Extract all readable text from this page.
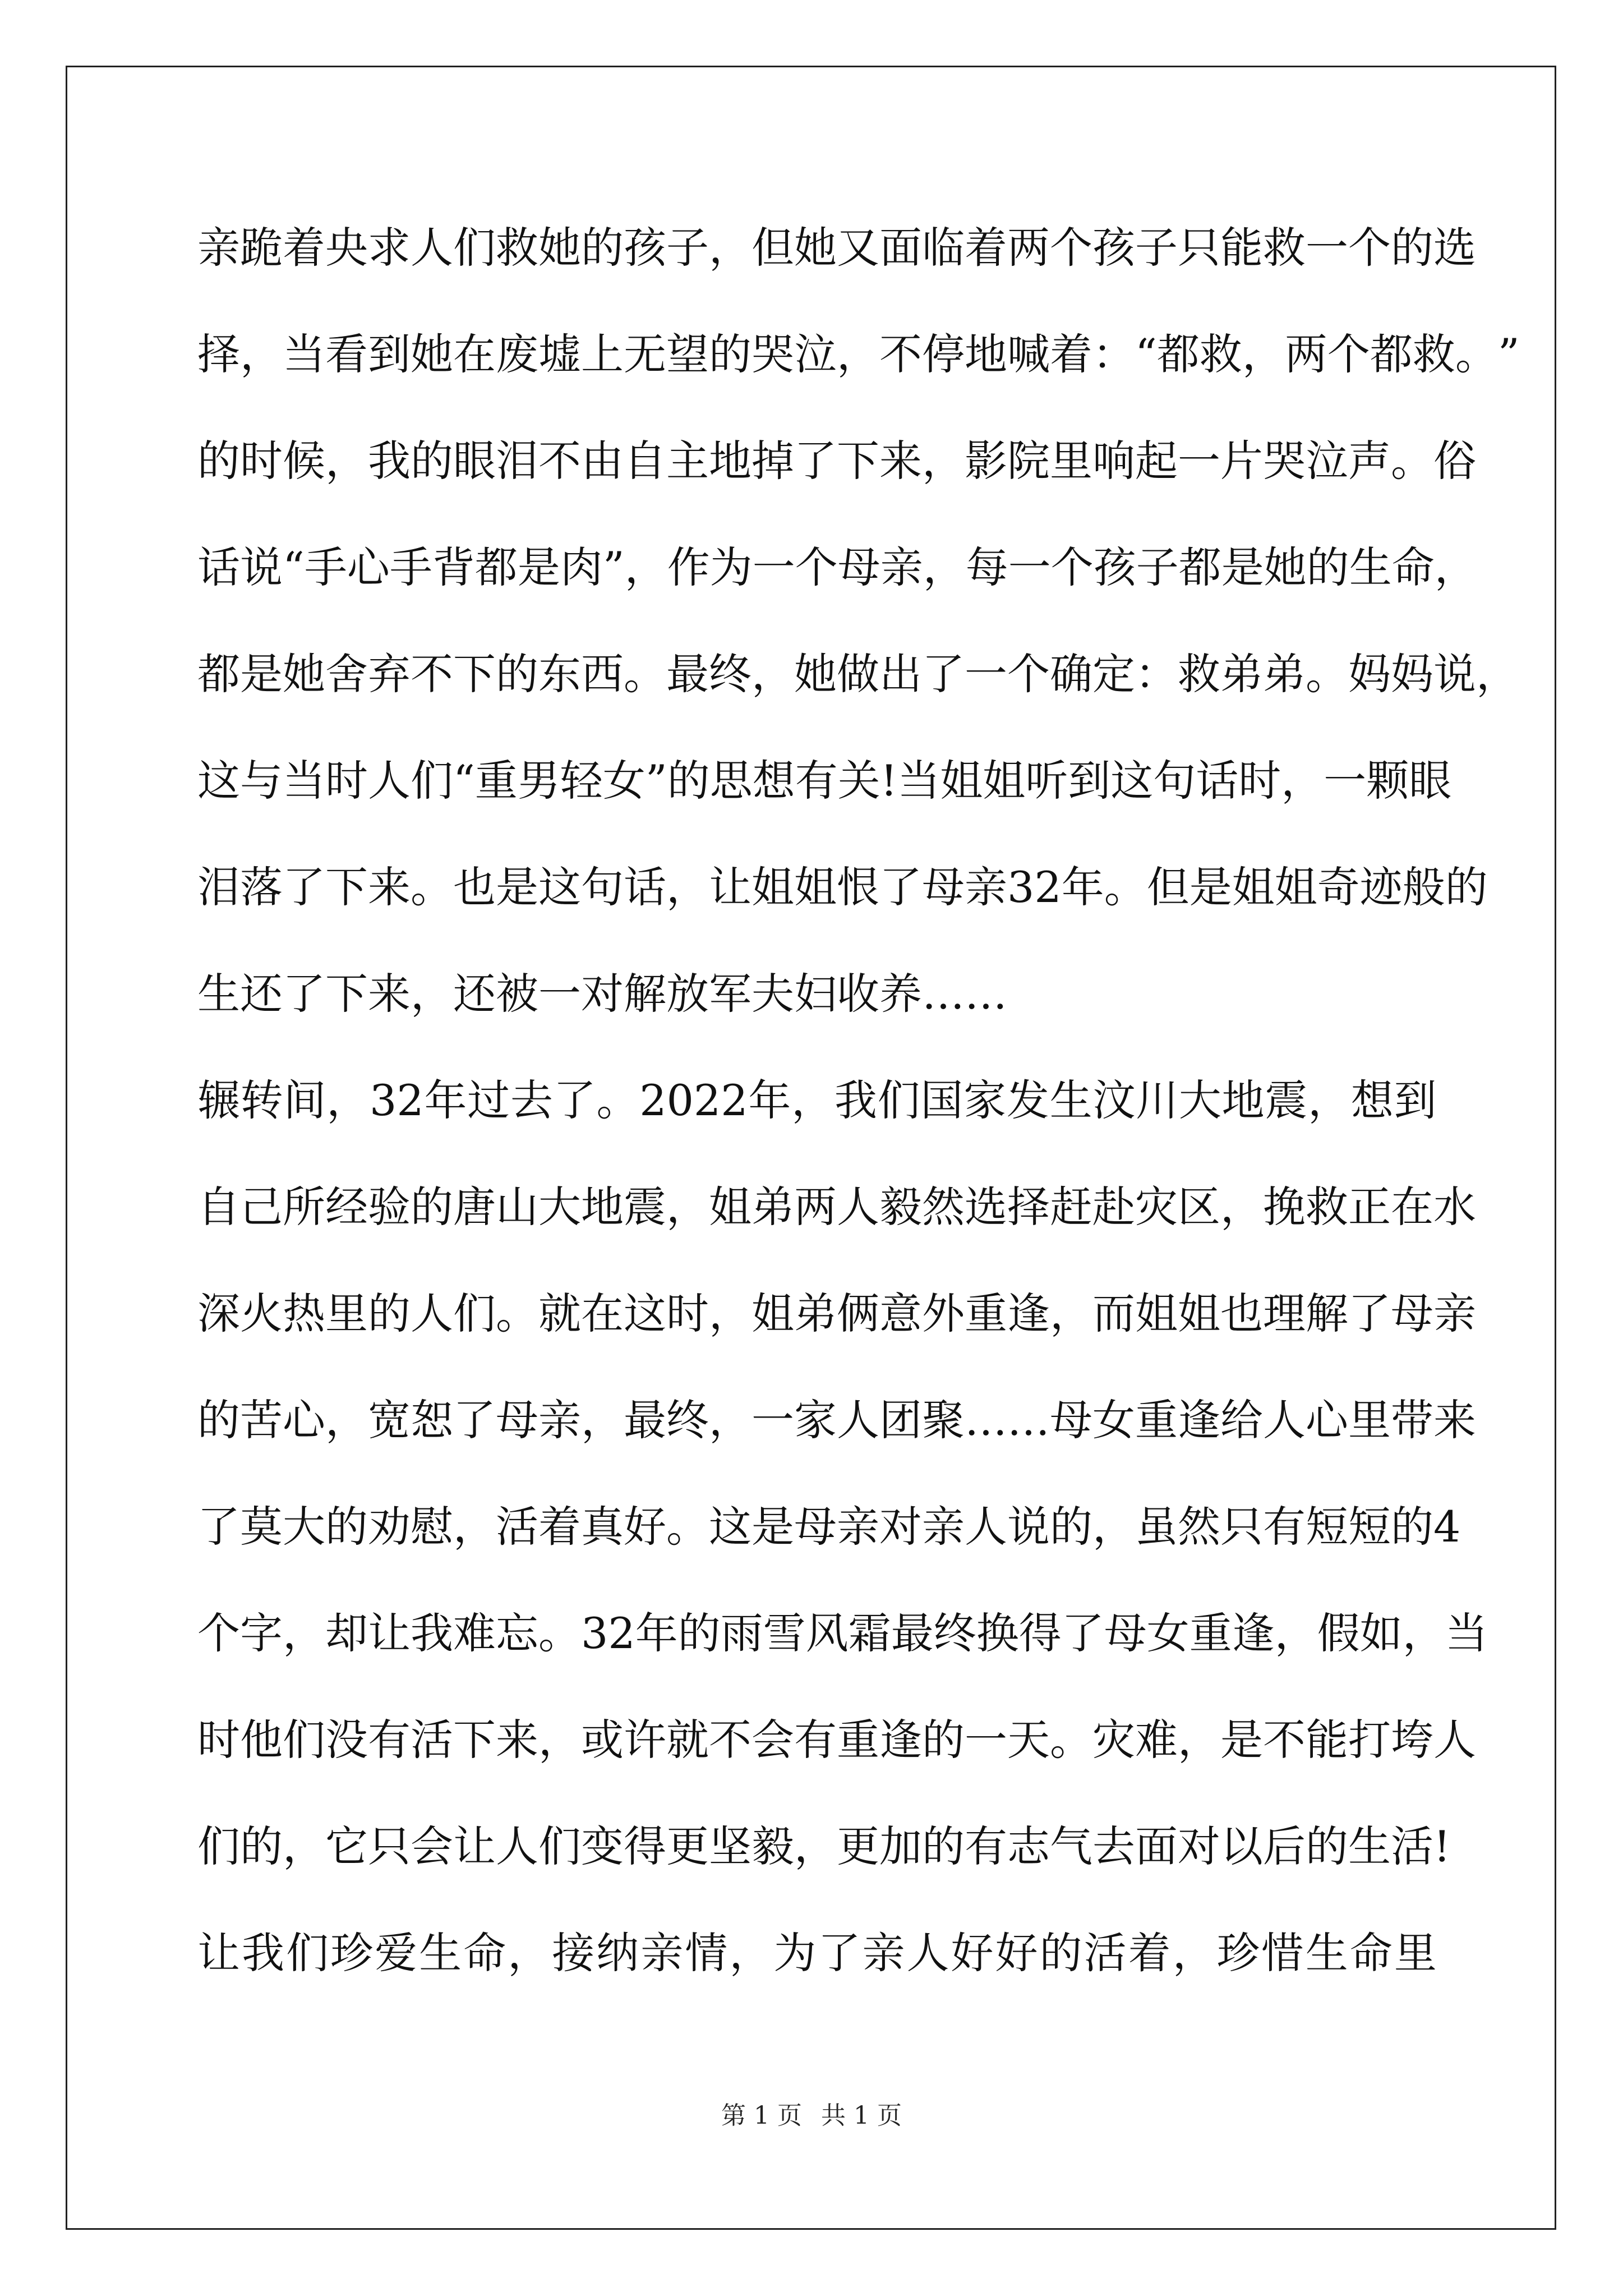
亲 跪 着 央 求 人 们 救 她 的 孩 子 ， 但 她 又 面 临 着 两 个 孩 子 只 能 救 一 个 的 选
择 ， 当 看 到 她 在 废 墟 上 无 望 的 哭 泣 ， 不 停 地 喊 着 ： “ 都 救 ， 两 个 都 救 。 ”
的 时 候 ， 我 的 眼 泪 不 由 自 主 地 掉 了 下 来 ， 影 院 里 响 起 一 片 哭 泣 声 。 俗
话 说 “ 手 心 手 背 都 是 肉 ” ， 作 为 一 个 母 亲 ， 每 一 个 孩 子 都 是 她 的 生 命 ，
都 是 她 舍 弃 不 下 的 东 西 。 最 终 ， 她 做 出 了 一 个 确 定 ： 救 弟 弟 。 妈 妈 说 ，
这 与 当 时 人 们 “ 重 男 轻 女 ” 的 思 想 有 关 ! 当 姐 姐 听 到 这 句 话 时 ， 一 颗 眼
泪 落 了 下 来 。 也 是 这 句 话 ， 让 姐 姐 恨 了 母 亲 32 年 。 但 是 姐 姐 奇 迹 般 的
生还了下来，还被一对解放军夫妇收养……
辗 转 间 ， 32 年 过 去 了 。 2022 年 ， 我 们 国 家 发 生 汶 川 大 地 震 ， 想 到
自 己 所 经 验 的 唐 山 大 地 震 ， 姐 弟 两 人 毅 然 选 择 赶 赴 灾 区 ， 挽 救 正 在 水
深 火 热 里 的 人 们 。 就 在 这 时 ， 姐 弟 俩 意 外 重 逢 ， 而 姐 姐 也 理 解 了 母 亲
的 苦 心 ， 宽 恕 了 母 亲 ， 最 终 ， 一 家 人 团 聚 … … 母 女 重 逢 给 人 心 里 带 来
了 莫 大 的 劝 慰 ， 活 着 真 好 。 这 是 母 亲 对 亲 人 说 的 ， 虽 然 只 有 短 短 的 4
个 字 ， 却 让 我 难 忘 。 32 年 的 雨 雪 风 霜 最 终 换 得 了 母 女 重 逢 ， 假 如 ， 当
时 他 们 没 有 活 下 来 ， 或 许 就 不 会 有 重 逢 的 一 天 。 灾 难 ， 是 不 能 打 垮 人
们的，它只会让人们变得更坚毅，更加的有志气去面对以后的生活!
让 我 们 珍 爱 生 命 ， 接 纳 亲 情 ， 为 了 亲 人 好 好 的 活 着 ， 珍 惜 生 命 里
第 1 页 共 1 页
